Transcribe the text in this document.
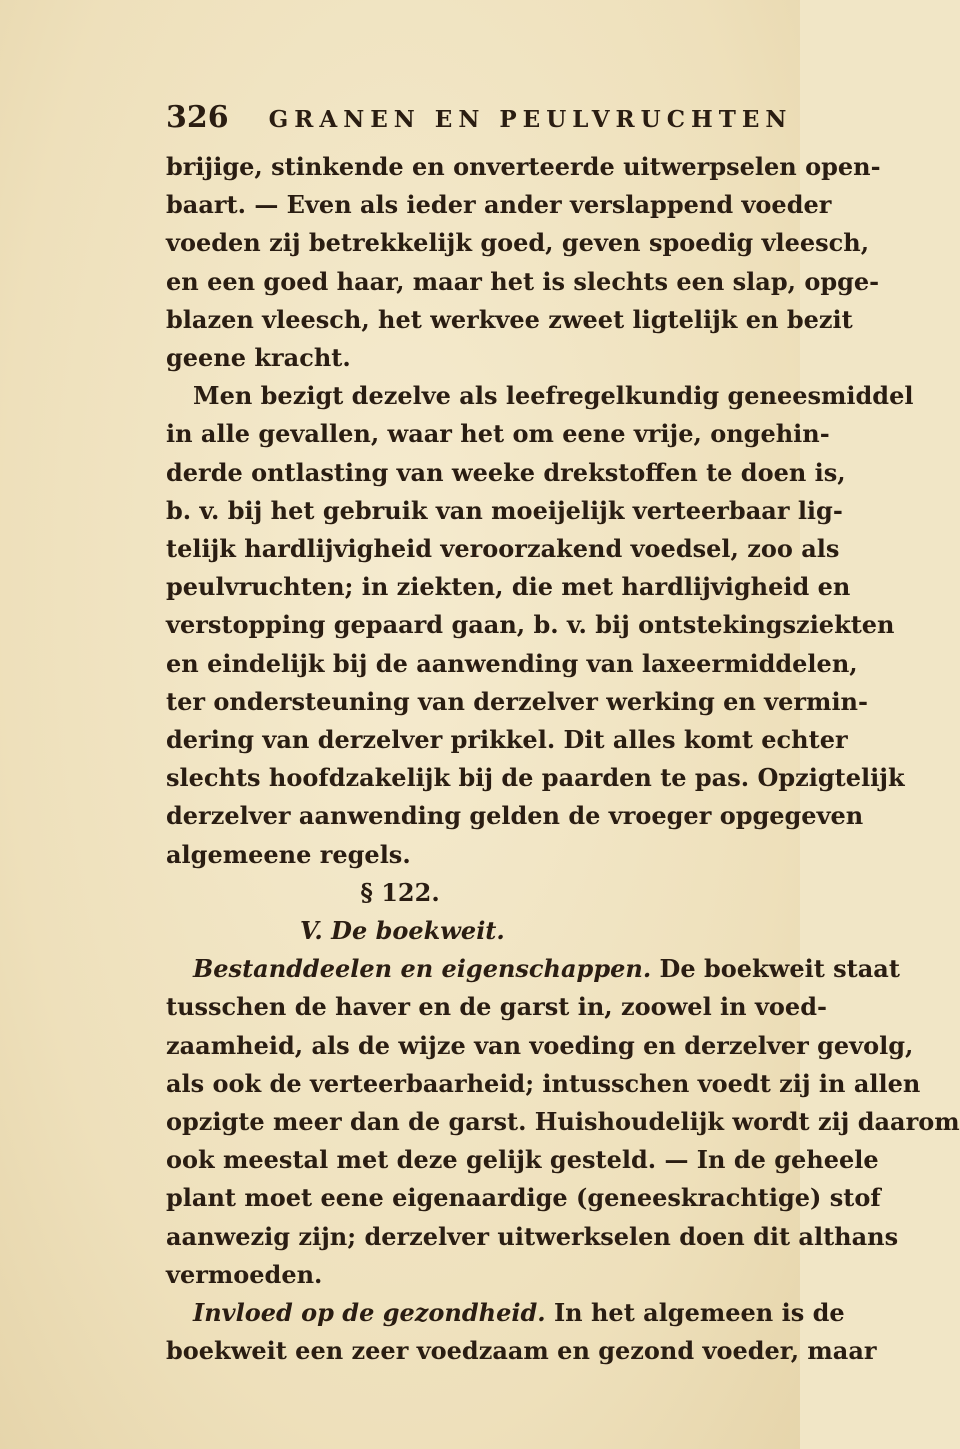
326 GRANEN EN PEULVRUCHTEN
brijige, stinkende en onverteerde uitwerpselen open-
baart. — Even als ieder ander verslappend voeder
voeden zij betrekkelijk goed, geven spoedig vleesch,
en een goed haar, maar het is slechts een slap, opge-
blazen vleesch, het werkvee zweet ligtelijk en bezit
geene kracht.
Men bezigt dezelve als leefregelkundig geneesmiddel
in alle gevallen, waar het om eene vrije, ongehin-
derde ontlasting van weeke drekstoffen te doen is,
b. v. bij het gebruik van moeijelijk verteerbaar lig-
telijk hardlijvigheid veroorzakend voedsel, zoo als
peulvruchten; in ziekten, die met hardlijvigheid en
verstopping gepaard gaan, b. v. bij ontstekingsziekten
en eindelijk bij de aanwending van laxeermiddelen,
ter ondersteuning van derzelver werking en vermin-
dering van derzelver prikkel. Dit alles komt echter
slechts hoofdzakelijk bij de paarden te pas. Opzigtelijk
derzelver aanwending gelden de vroeger opgegeven
algemeene regels.
§ 122.
V. De boekweit.
Bestanddeelen en eigenschappen. De boekweit staat
tusschen de haver en de garst in, zoowel in voed-
zaamheid, als de wijze van voeding en derzelver gevolg,
als ook de verteerbaarheid; intusschen voedt zij in allen
opzigte meer dan de garst. Huishoudelijk wordt zij daarom
ook meestal met deze gelijk gesteld. — In de geheele
plant moet eene eigenaardige (geneeskrachtige) stof
aanwezig zijn; derzelver uitwerkselen doen dit althans
vermoeden.
Invloed op de gezondheid. In het algemeen is de
boekweit een zeer voedzaam en gezond voeder, maar
